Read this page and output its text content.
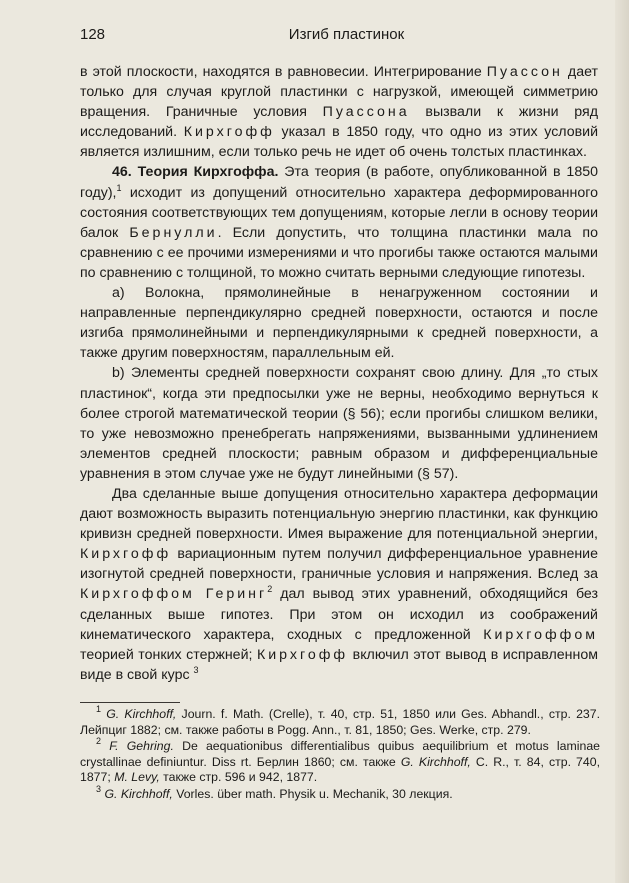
128	Изгиб пластинок

в этой плоскости, находятся в равновесии. Интегрирование Пуассон дает только для случая круглой пластинки с нагрузкой, имеющей симметрию вращения. Граничные условия Пуассона вызвали к жизни ряд исследований. Кирхгофф указал в 1850 году, что одно из этих условий является излишним, если только речь не идет об очень толстых пластинках.

46. Теория Кирхгоффа. Эта теория (в работе, опубликованной в 1850 году),$^1$ исходит из допущений относительно характера деформированного состояния соответствующих тем допущениям, которые легли в основу теории балок Бернулли. Если допустить, что толщина пластинки мала по сравнению с ее прочими измерениями и что прогибы также остаются малыми по сравнению с толщиной, то можно считать верными следующие гипотезы.

a) Волокна, прямолинейные в ненагруженном состоянии и направленные перпендикулярно средней поверхности, остаются и после изгиба прямолинейными и перпендикулярными к средней поверхности, а также другим поверхностям, параллельным ей.

b) Элементы средней поверхности сохранят свою длину. Для „то стых пластинок“, когда эти предпосылки уже не верны, необходимо вернуться к более строгой математической теории (§ 56); если прогибы слишком велики, то уже невозможно пренебрегать напряжениями, вызванными удлинением элементов средней плоскости; равным образом и дифференциальные уравнения в этом случае уже не будут линейными (§ 57).

Два сделанные выше допущения относительно характера деформации дают возможность выразить потенциальную энергию пластинки, как функцию кривизн средней поверхности. Имея выражение для потенциальной энергии, Кирхгофф вариационным путем получил дифференциальное уравнение изогнутой средней поверхности, граничные условия и напряжения. Вслед за Кирхгоффом Геринг$^2$ дал вывод этих уравнений, обходящийся без сделанных выше гипотез. При этом он исходил из соображений кинематического характера, сходных с предложенной Кирхгоффом теорией тонких стержней; Кирхгофф включил этот вывод в исправленном виде в свой курс $^3$

$^1$ G. Kirchhoff, Journ. f. Math. (Crelle), т. 40, стр. 51, 1850 или Ges. Abhandl., стр. 237. Лейпциг 1882; см. также работы в Pogg. Ann., т. 81, 1850; Ges. Werke, стр. 279.

$^2$ F. Gehring. De aequationibus differentialibus quibus aequilibrium et motus laminae crystallinae definiuntur. Diss rt. Берлин 1860; см. также G. Kirchhoff, C. R., т. 84, стр. 740, 1877; M. Levy, также стр. 596 и 942, 1877.

$^3$ G. Kirchhoff, Vorles. über math. Physik u. Mechanik, 30 лекция.
